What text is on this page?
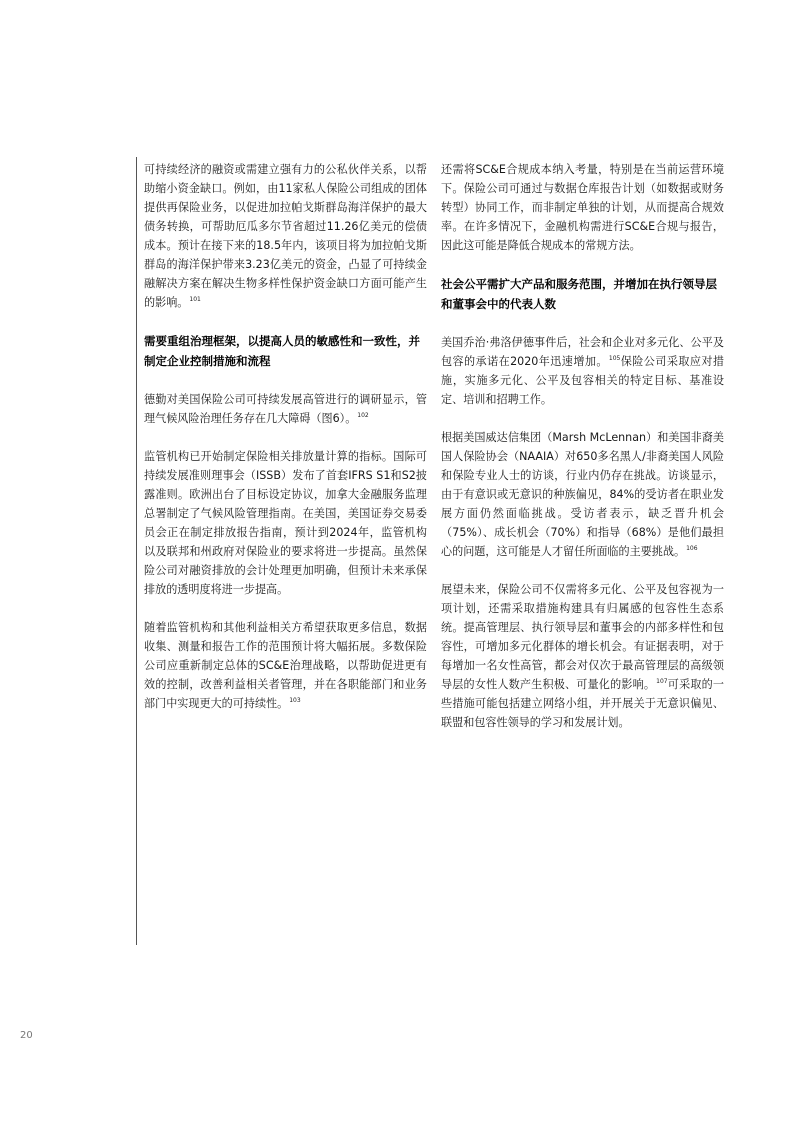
可持续经济的融资或需建立强有力的公私伙伴关系，以帮助缩小资金缺口。例如，由11家私人保险公司组成的团体提供再保险业务，以促进加拉帕戈斯群岛海洋保护的最大债务转换，可帮助厄瓜多尔节省超过11.26亿美元的偿债成本。预计在接下来的18.5年内，该项目将为加拉帕戈斯群岛的海洋保护带来3.23亿美元的资金，凸显了可持续金融解决方案在解决生物多样性保护资金缺口方面可能产生的影响。$^{101}$

需要重组治理框架，以提高人员的敏感性和一致性，并制定企业控制措施和流程

德勤对美国保险公司可持续发展高管进行的调研显示，管理气候风险治理任务存在几大障碍（图6）。$^{102}$

监管机构已开始制定保险相关排放量计算的指标。国际可持续发展准则理事会（ISSB）发布了首套IFRS S1和S2披露准则。欧洲出台了目标设定协议，加拿大金融服务监理总署制定了气候风险管理指南。在美国，美国证券交易委员会正在制定排放报告指南，预计到2024年，监管机构以及联邦和州政府对保险业的要求将进一步提高。虽然保险公司对融资排放的会计处理更加明确，但预计未来承保排放的透明度将进一步提高。

随着监管机构和其他利益相关方希望获取更多信息，数据收集、测量和报告工作的范围预计将大幅拓展。多数保险公司应重新制定总体的SC&E治理战略，以帮助促进更有效的控制，改善利益相关者管理，并在各职能部门和业务部门中实现更大的可持续性。$^{103}$

还需将SC&E合规成本纳入考量，特别是在当前运营环境下。保险公司可通过与数据仓库报告计划（如数据或财务转型）协同工作，而非制定单独的计划，从而提高合规效率。在许多情况下，金融机构需进行SC&E合规与报告，因此这可能是降低合规成本的常规方法。

社会公平需扩大产品和服务范围，并增加在执行领导层和董事会中的代表人数

美国乔治·弗洛伊德事件后，社会和企业对多元化、公平及包容的承诺在2020年迅速增加。$^{105}$保险公司采取应对措施，实施多元化、公平及包容相关的特定目标、基准设定、培训和招聘工作。

根据美国威达信集团（Marsh McLennan）和美国非裔美国人保险协会（NAAIA）对650多名黑人/非裔美国人风险和保险专业人士的访谈，行业内仍存在挑战。访谈显示，由于有意识或无意识的种族偏见，84%的受访者在职业发展方面仍然面临挑战。受访者表示，缺乏晋升机会（75%）、成长机会（70%）和指导（68%）是他们最担心的问题，这可能是人才留任所面临的主要挑战。$^{106}$

展望未来，保险公司不仅需将多元化、公平及包容视为一项计划，还需采取措施构建具有归属感的包容性生态系统。提高管理层、执行领导层和董事会的内部多样性和包容性，可增加多元化群体的增长机会。有证据表明，对于每增加一名女性高管，都会对仅次于最高管理层的高级领导层的女性人数产生积极、可量化的影响。$^{107}$可采取的一些措施可能包括建立网络小组，并开展关于无意识偏见、联盟和包容性领导的学习和发展计划。

20
